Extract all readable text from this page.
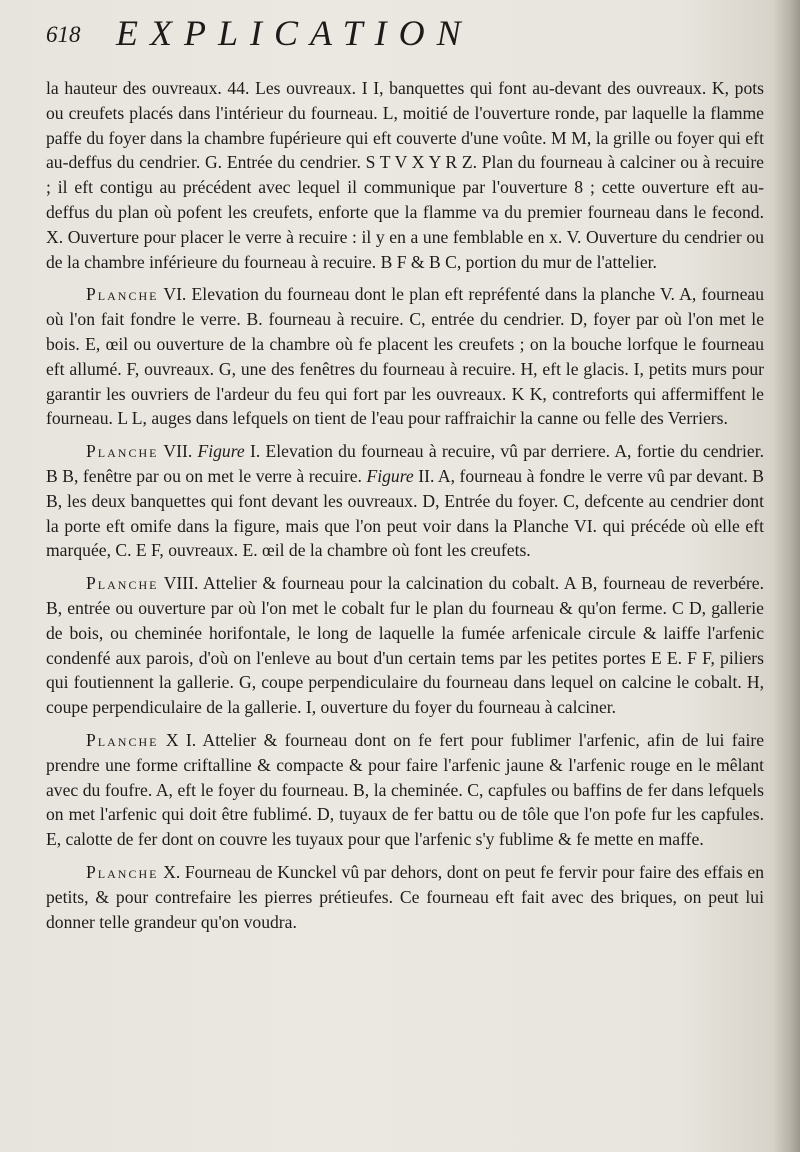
618 EXPLICATION

la hauteur des ouvreaux. 44. Les ouvreaux. I I, banquettes qui font au-devant des ouvreaux. K, pots ou creufets placés dans l'intérieur du fourneau. L, moitié de l'ouverture ronde, par laquelle la flamme paffe du foyer dans la chambre fupérieure qui eft couverte d'une voûte. M M, la grille ou foyer qui eft au-deffus du cendrier. G. Entrée du cendrier. S T V X Y R Z. Plan du fourneau à calciner ou à recuire ; il eft contigu au précédent avec lequel il communique par l'ouverture 8 ; cette ouverture eft au-deffus du plan où pofent les creufets, enforte que la flamme va du premier fourneau dans le fecond. X. Ouverture pour placer le verre à recuire : il y en a une femblable en x. V. Ouverture du cendrier ou de la chambre inférieure du fourneau à recuire. B F & B C, portion du mur de l'attelier.

Planche VI. Elevation du fourneau dont le plan eft repréfenté dans la planche V. A, fourneau où l'on fait fondre le verre. B. fourneau à recuire. C, entrée du cendrier. D, foyer par où l'on met le bois. E, œil ou ouverture de la chambre où fe placent les creufets ; on la bouche lorfque le fourneau eft allumé. F, ouvreaux. G, une des fenêtres du fourneau à recuire. H, eft le glacis. I, petits murs pour garantir les ouvriers de l'ardeur du feu qui fort par les ouvreaux. K K, contreforts qui affermiffent le fourneau. L L, auges dans lefquels on tient de l'eau pour raffraichir la canne ou felle des Verriers.

Planche VII. Figure I. Elevation du fourneau à recuire, vû par derriere. A, fortie du cendrier. B B, fenêtre par ou on met le verre à recuire. Figure II. A, fourneau à fondre le verre vû par devant. B B, les deux banquettes qui font devant les ouvreaux. D, Entrée du foyer. C, defcente au cendrier dont la porte eft omife dans la figure, mais que l'on peut voir dans la Planche VI. qui précéde où elle eft marquée, C. E F, ouvreaux. E. œil de la chambre où font les creufets.

Planche VIII. Attelier & fourneau pour la calcination du cobalt. A B, fourneau de reverbére. B, entrée ou ouverture par où l'on met le cobalt fur le plan du fourneau & qu'on ferme. C D, gallerie de bois, ou cheminée horifontale, le long de laquelle la fumée arfenicale circule & laiffe l'arfenic condenfé aux parois, d'où on l'enleve au bout d'un certain tems par les petites portes E E. F F, piliers qui foutiennent la gallerie. G, coupe perpendiculaire du fourneau dans lequel on calcine le cobalt. H, coupe perpendiculaire de la gallerie. I, ouverture du foyer du fourneau à calciner.

Planche X I. Attelier & fourneau dont on fe fert pour fublimer l'arfenic, afin de lui faire prendre une forme criftalline & compacte & pour faire l'arfenic jaune & l'arfenic rouge en le mêlant avec du foufre. A, eft le foyer du fourneau. B, la cheminée. C, capfules ou baffins de fer dans lefquels on met l'arfenic qui doit être fublimé. D, tuyaux de fer battu ou de tôle que l'on pofe fur les capfules. E, calotte de fer dont on couvre les tuyaux pour que l'arfenic s'y fublime & fe mette en maffe.

Planche X. Fourneau de Kunckel vû par dehors, dont on peut fe fervir pour faire des effais en petits, & pour contrefaire les pierres prétieufes. Ce fourneau eft fait avec des briques, on peut lui donner telle grandeur qu'on voudra.
